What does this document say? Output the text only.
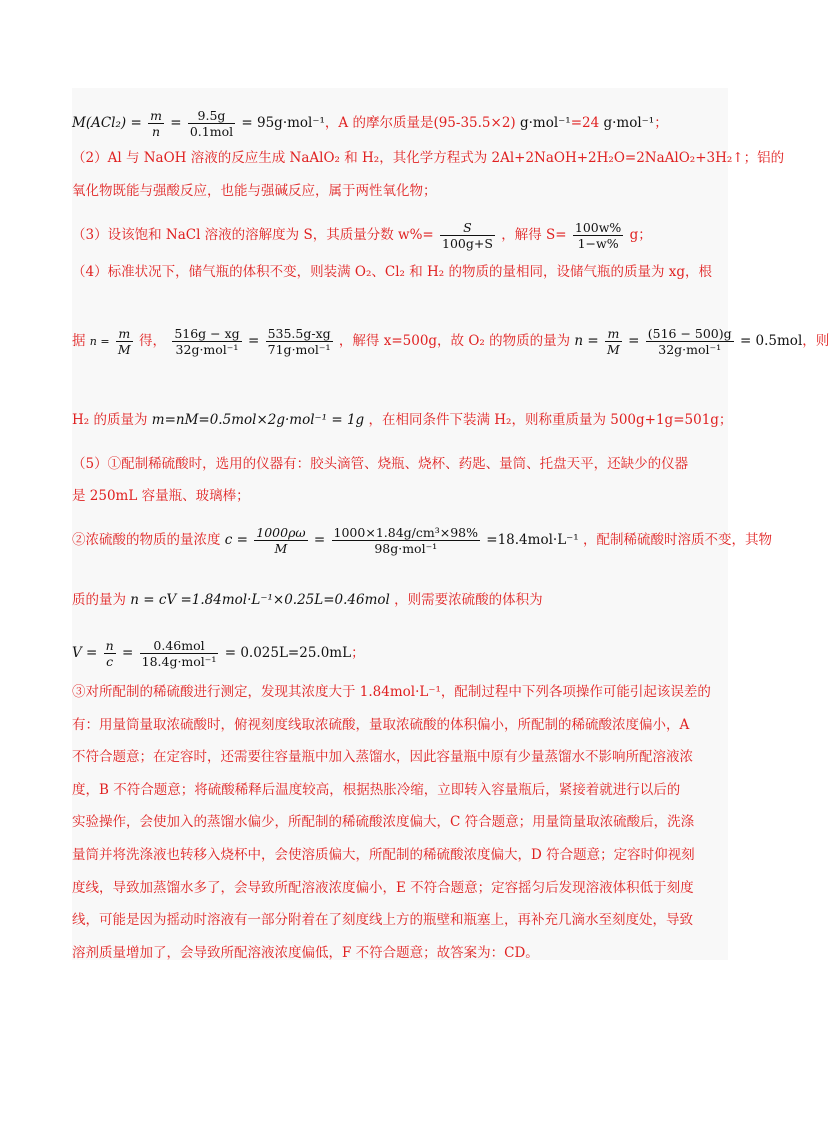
$M(ACl_2) = \frac{m}{n} = \frac{9.5g}{\text{0.1mol}} = 95g\cdot mol^{-1}$，A 的摩尔质量是(95-35.5×2) g·mol⁻¹=24 g·mol⁻¹；
（2）Al 与 NaOH 溶液的反应生成 NaAlO₂ 和 H₂，其化学方程式为 2Al+2NaOH+2H₂O=2NaAlO₂+3H₂↑；铝的
氧化物既能与强酸反应，也能与强碱反应，属于两性氧化物；
（3）设该饱和 NaCl 溶液的溶解度为 S，其质量分数 $w\%= \frac{S}{100g+S}$ ，解得 $S= \frac{100w\%}{1-w\%}$ g；
（4）标准状况下，储气瓶的体积不变，则装满 O₂、Cl₂ 和 H₂ 的物质的量相同，设储气瓶的质量为 xg，根
据 $n = \frac{m}{M}$ 得， $\frac{516g - xg}{\text{32g·mol⁻¹}} = \frac{535.5g-xg}{\text{71g·mol⁻¹}}$ ，解得 x=500g，故 O₂ 的物质的量为 $n = \frac{m}{M} = \frac{(516 - 500)g}{\text{32g·mol⁻¹}} = 0.5mol$，则
H₂ 的质量为 m=nM=0.5mol×2g·mol⁻¹ = 1g ，在相同条件下装满 H₂，则称重质量为 500g+1g=501g；
（5）①配制稀硫酸时，选用的仪器有：胶头滴管、烧瓶、烧杯、药匙、量筒、托盘天平，还缺少的仪器
是 250mL 容量瓶、玻璃棒；
②浓硫酸的物质的量浓度 $c = \frac{1000\rho\omega}{M} = \frac{\text{1000×1.84g/cm³×98\%}}{\text{98g·mol⁻¹}} =18.4mol\cdot L^{-1}$ ，配制稀硫酸时溶质不变，其物
质的量为 n = cV =1.84mol·L⁻¹×0.25L=0.46mol ，则需要浓硫酸的体积为
$V = \frac{n}{c} = \frac{\text{0.46mol}}{\text{18.4g·mol⁻¹}} = 0.025L=25.0mL$；
③对所配制的稀硫酸进行测定，发现其浓度大于 1.84mol·L⁻¹，配制过程中下列各项操作可能引起该误差的
有：用量筒量取浓硫酸时，俯视刻度线取浓硫酸，量取浓硫酸的体积偏小，所配制的稀硫酸浓度偏小，A
不符合题意；在定容时，还需要往容量瓶中加入蒸馏水，因此容量瓶中原有少量蒸馏水不影响所配溶液浓
度，B 不符合题意；将硫酸稀释后温度较高，根据热胀冷缩，立即转入容量瓶后，紧接着就进行以后的
实验操作，会使加入的蒸馏水偏少，所配制的稀硫酸浓度偏大，C 符合题意；用量筒量取浓硫酸后，洗涤
量筒并将洗涤液也转移入烧杯中，会使溶质偏大，所配制的稀硫酸浓度偏大，D 符合题意；定容时仰视刻
度线，导致加蒸馏水多了，会导致所配溶液浓度偏小，E 不符合题意；定容摇匀后发现溶液体积低于刻度
线，可能是因为摇动时溶液有一部分附着在了刻度线上方的瓶壁和瓶塞上，再补充几滴水至刻度处，导致
溶剂质量增加了，会导致所配溶液浓度偏低，F 不符合题意；故答案为：CD。
